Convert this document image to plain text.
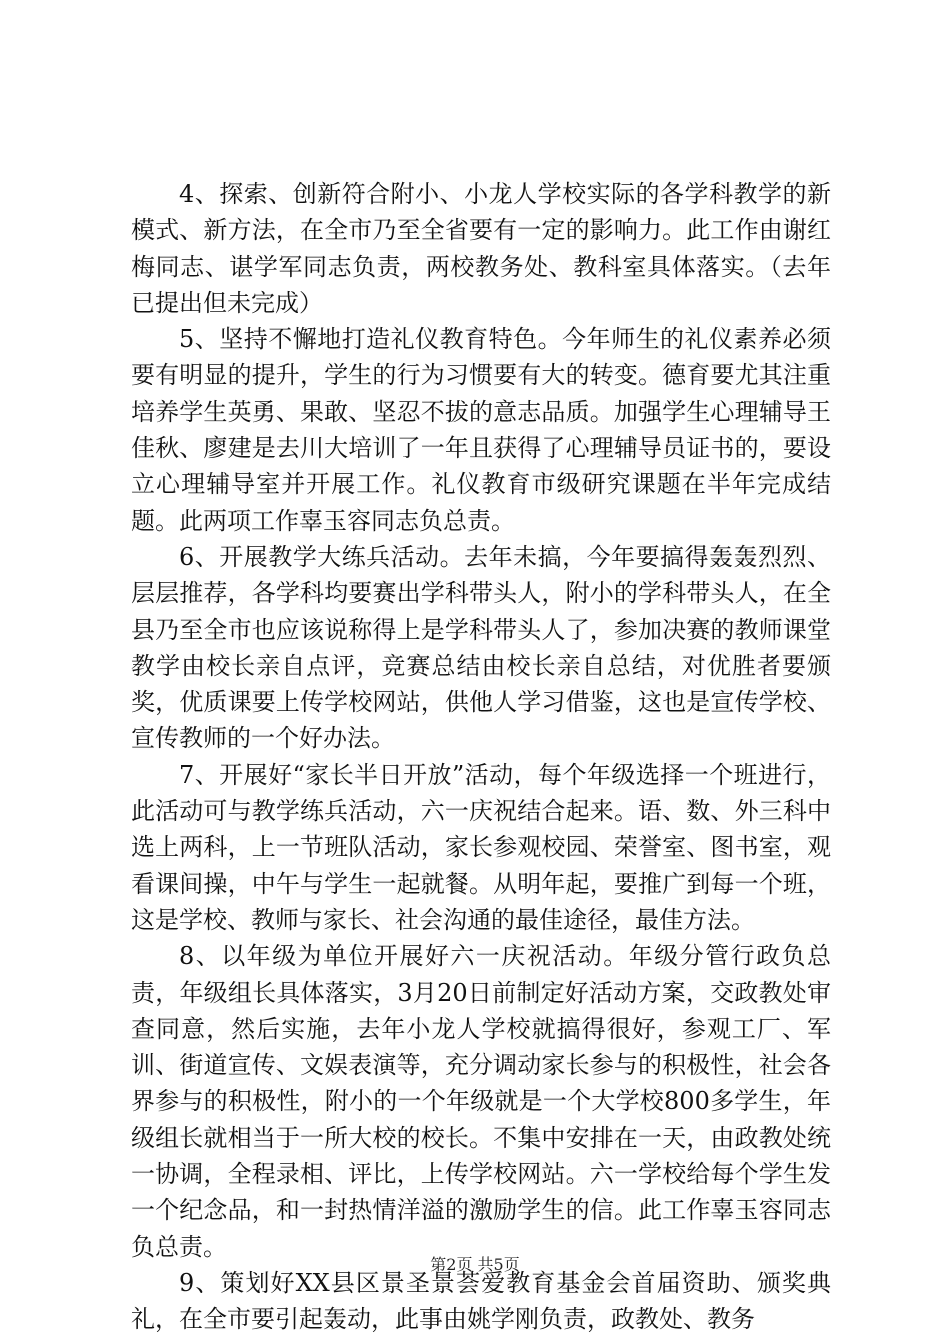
4、探索、创新符合附小、小龙人学校实际的各学科教学的新模式、新方法，在全市乃至全省要有一定的影响力。此工作由谢红梅同志、谌学军同志负责，两校教务处、教科室具体落实。（去年已提出但未完成）

5、坚持不懈地打造礼仪教育特色。今年师生的礼仪素养必须要有明显的提升，学生的行为习惯要有大的转变。德育要尤其注重培养学生英勇、果敢、坚忍不拔的意志品质。加强学生心理辅导王佳秋、廖建是去川大培训了一年且获得了心理辅导员证书的，要设立心理辅导室并开展工作。礼仪教育市级研究课题在半年完成结题。此两项工作辜玉容同志负总责。

6、开展教学大练兵活动。去年未搞，今年要搞得轰轰烈烈、层层推荐，各学科均要赛出学科带头人，附小的学科带头人，在全县乃至全市也应该说称得上是学科带头人了，参加决赛的教师课堂教学由校长亲自点评，竞赛总结由校长亲自总结，对优胜者要颁奖，优质课要上传学校网站，供他人学习借鉴，这也是宣传学校、宣传教师的一个好办法。

7、开展好“家长半日开放”活动，每个年级选择一个班进行，此活动可与教学练兵活动，六一庆祝结合起来。语、数、外三科中选上两科，上一节班队活动，家长参观校园、荣誉室、图书室，观看课间操，中午与学生一起就餐。从明年起，要推广到每一个班，这是学校、教师与家长、社会沟通的最佳途径，最佳方法。

8、以年级为单位开展好六一庆祝活动。年级分管行政负总责，年级组长具体落实，3月20日前制定好活动方案，交政教处审查同意，然后实施，去年小龙人学校就搞得很好，参观工厂、军训、街道宣传、文娱表演等，充分调动家长参与的积极性，社会各界参与的积极性，附小的一个年级就是一个大学校800多学生，年级组长就相当于一所大校的校长。不集中安排在一天，由政教处统一协调，全程录相、评比，上传学校网站。六一学校给每个学生发一个纪念品，和一封热情洋溢的激励学生的信。此工作辜玉容同志负总责。

9、策划好XX县区景圣景荟爱教育基金会首届资助、颁奖典礼，在全市要引起轰动，此事由姚学刚负责，政教处、教务

第2页 共5页
